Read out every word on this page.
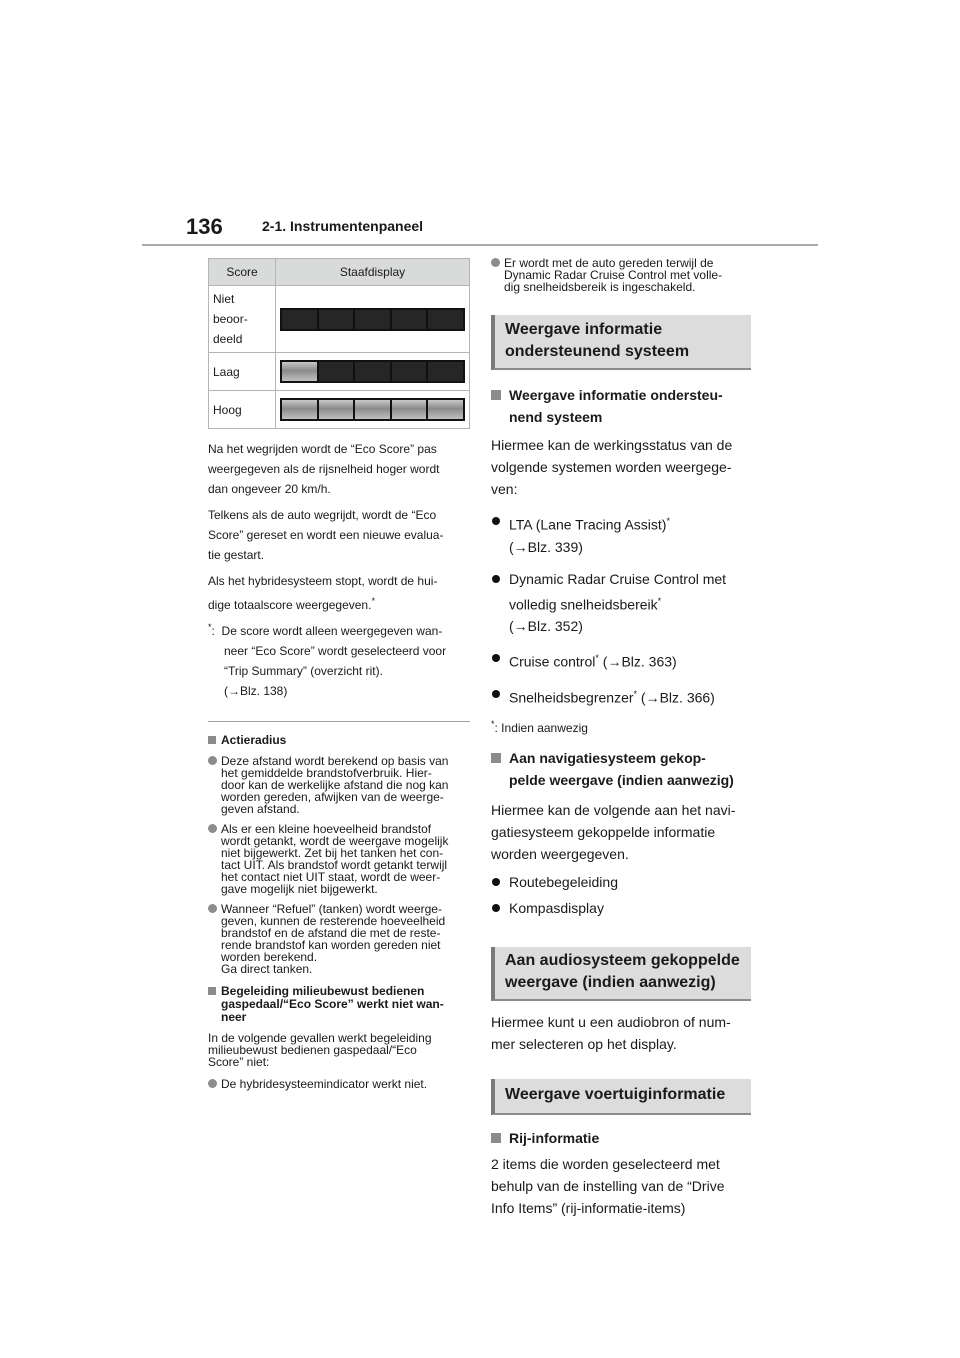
136	2-1. Instrumentenpaneel
Score	Staafdisplay

Niet
beoor-
deeld	

Laag	

Hoog	

Na het wegrijden wordt de “Eco Score” pas

weergegeven als de rijsnelheid hoger wordt

dan ongeveer 20 km/h.

Telkens als de auto wegrijdt, wordt de “Eco

Score” gereset en wordt een nieuwe evalua-

tie gestart.

Als het hybridesysteem stopt, wordt de hui-

dige totaalscore weergegeven.*

*:  De score wordt alleen weergegeven wan-
neer “Eco Score” wordt geselecteerd voor
“Trip Summary” (overzicht rit).
(→Blz. 138)
Actieradius
Deze afstand wordt berekend op basis van
het gemiddelde brandstofverbruik. Hier-
door kan de werkelijke afstand die nog kan
worden gereden, afwijken van de weerge-
geven afstand.
Als er een kleine hoeveelheid brandstof
wordt getankt, wordt de weergave mogelijk
niet bijgewerkt. Zet bij het tanken het con-
tact UIT. Als brandstof wordt getankt terwijl
het contact niet UIT staat, wordt de weer-
gave mogelijk niet bijgewerkt.
Wanneer “Refuel” (tanken) wordt weerge-
geven, kunnen de resterende hoeveelheid
brandstof en de afstand die met de reste-
rende brandstof kan worden gereden niet
worden berekend.
Ga direct tanken.
Begeleiding milieubewust bedienen
gaspedaal/“Eco Score” werkt niet wan-
neer
In de volgende gevallen werkt begeleiding
milieubewust bedienen gaspedaal/“Eco
Score” niet:
De hybridesysteemindicator werkt niet.
Er wordt met de auto gereden terwijl de
Dynamic Radar Cruise Control met volle-
dig snelheidsbereik is ingeschakeld.
Weergave informatie
ondersteunend systeem
Weergave informatie ondersteu-
nend systeem
Hiermee kan de werkingsstatus van de
volgende systemen worden weergege-
ven:
LTA (Lane Tracing Assist)*
(→Blz. 339)
Dynamic Radar Cruise Control met
volledig snelheidsbereik*
(→Blz. 352)
Cruise control* (→Blz. 363)
Snelheidsbegrenzer* (→Blz. 366)
*: Indien aanwezig
Aan navigatiesysteem gekop-
pelde weergave (indien aanwezig)
Hiermee kan de volgende aan het navi-
gatiesysteem gekoppelde informatie
worden weergegeven.
Routebegeleiding
Kompasdisplay
Aan audiosysteem gekoppelde
weergave (indien aanwezig)
Hiermee kunt u een audiobron of num-
mer selecteren op het display.
Weergave voertuiginformatie
Rij-informatie
2 items die worden geselecteerd met
behulp van de instelling van de “Drive
Info Items” (rij-informatie-items)
